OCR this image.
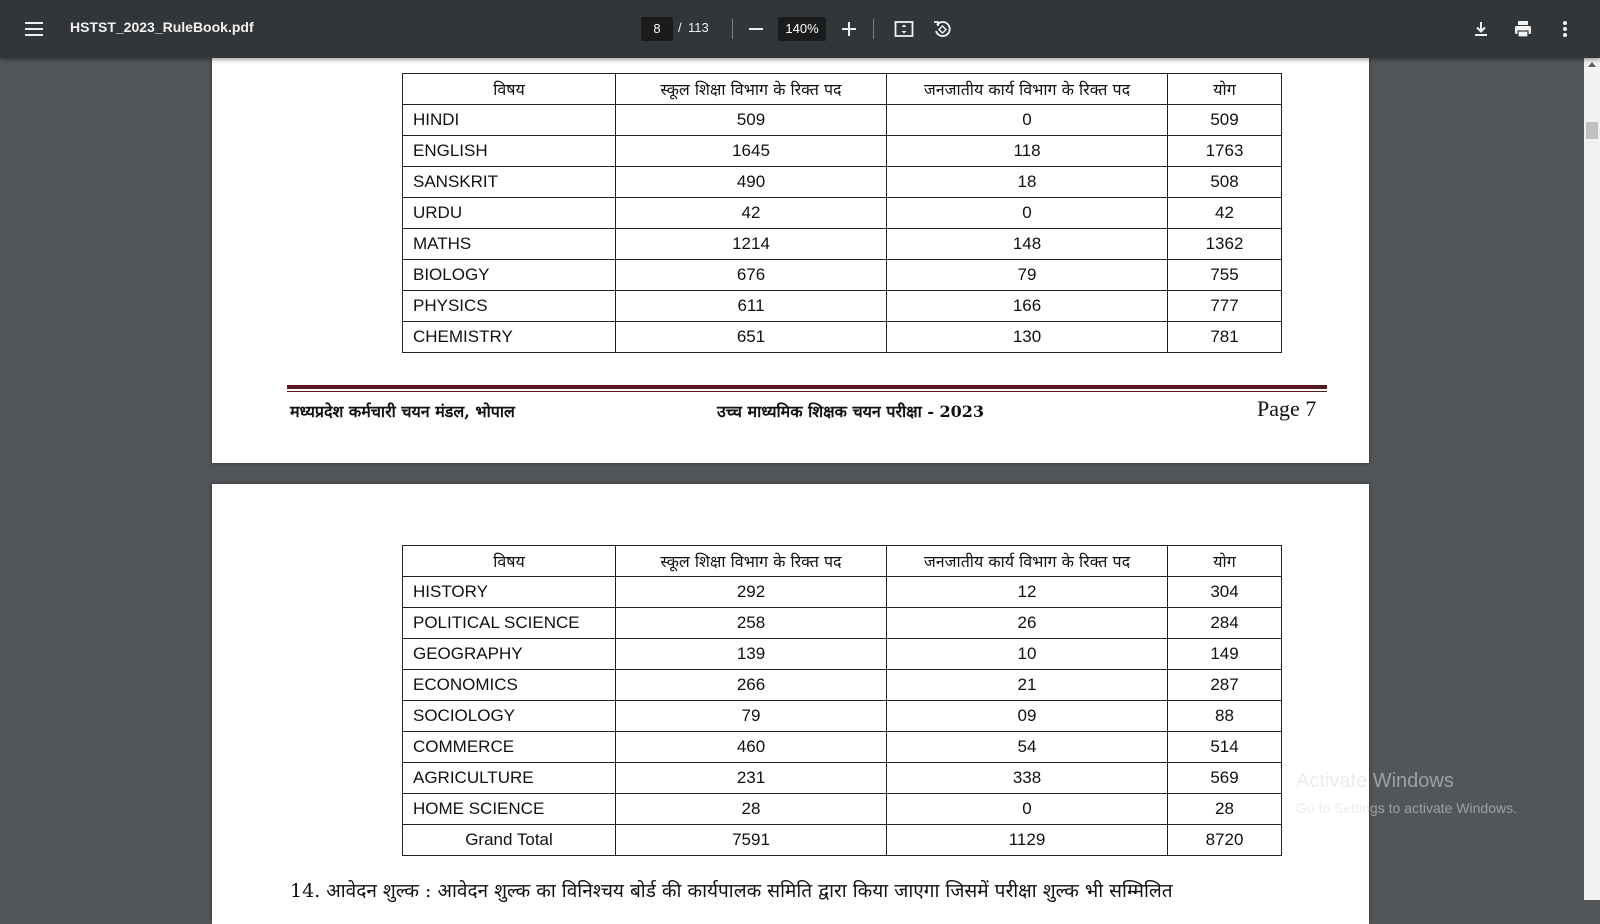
HSTST_2023_RuleBook.pdf	8	/ 113	140%
विषय	स्कूल शिक्षा विभाग के रिक्त पद	जनजातीय कार्य विभाग के रिक्त पद	योग
HINDI	509	0	509
ENGLISH	1645	118	1763
SANSKRIT	490	18	508
URDU	42	0	42
MATHS	1214	148	1362
BIOLOGY	676	79	755
PHYSICS	611	166	777
CHEMISTRY	651	130	781
मध्यप्रदेश कर्मचारी चयन मंडल, भोपाल	उच्च माध्यमिक शिक्षक चयन परीक्षा - 2023	Page 7
विषय	स्कूल शिक्षा विभाग के रिक्त पद	जनजातीय कार्य विभाग के रिक्त पद	योग
HISTORY	292	12	304
POLITICAL SCIENCE	258	26	284
GEOGRAPHY	139	10	149
ECONOMICS	266	21	287
SOCIOLOGY	79	09	88
COMMERCE	460	54	514
AGRICULTURE	231	338	569
HOME SCIENCE	28	0	28
Grand Total	7591	1129	8720
14. आवेदन शुल्क : आवेदन शुल्क का विनिश्चय बोर्ड की कार्यपालक समिति द्वारा किया जाएगा जिसमें परीक्षा शुल्क भी सम्मिलित
Activate Windows
Go to Settings to activate Windows.
